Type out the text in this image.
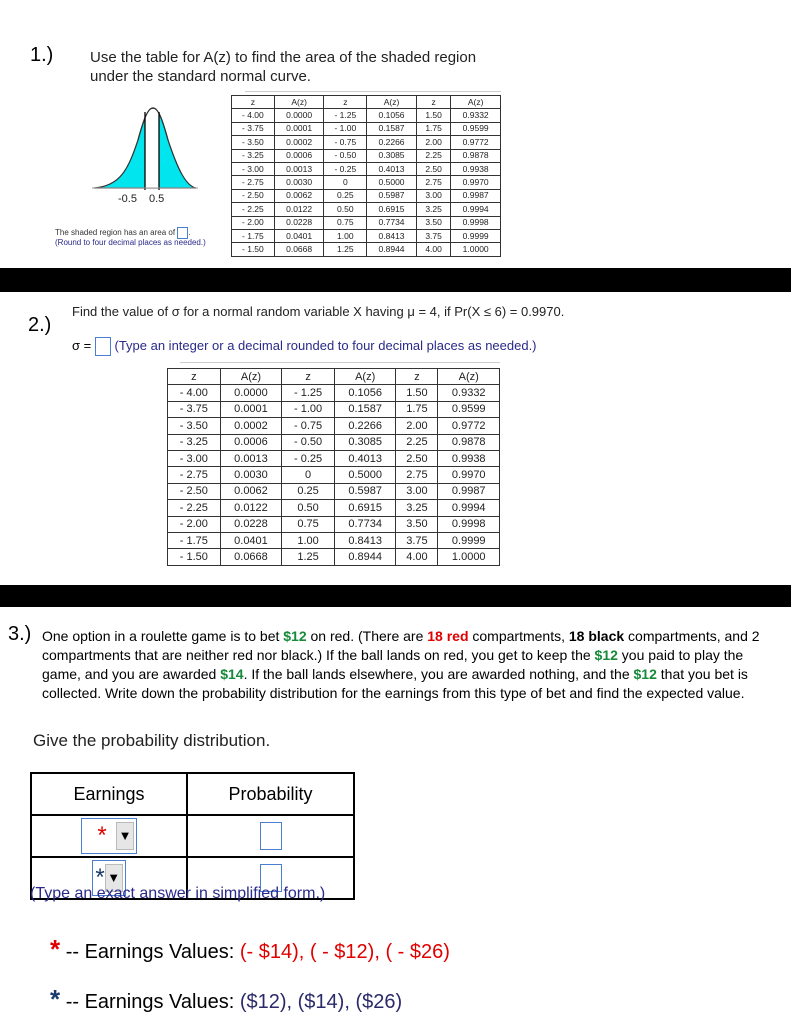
1.) Use the table for A(z) to find the area of the shaded region under the standard normal curve.
-0.5 0.5
The shaded region has an area of .
(Round to four decimal places as needed.)
z	A(z)	z	A(z)	z	A(z)
- 4.00	0.0000	- 1.25	0.1056	1.50	0.9332
- 3.75	0.0001	- 1.00	0.1587	1.75	0.9599
- 3.50	0.0002	- 0.75	0.2266	2.00	0.9772
- 3.25	0.0006	- 0.50	0.3085	2.25	0.9878
- 3.00	0.0013	- 0.25	0.4013	2.50	0.9938
- 2.75	0.0030	0	0.5000	2.75	0.9970
- 2.50	0.0062	0.25	0.5987	3.00	0.9987
- 2.25	0.0122	0.50	0.6915	3.25	0.9994
- 2.00	0.0228	0.75	0.7734	3.50	0.9998
- 1.75	0.0401	1.00	0.8413	3.75	0.9999
- 1.50	0.0668	1.25	0.8944	4.00	1.0000
2.)
Find the value of σ for a normal random variable X having μ = 4, if Pr(X ≤ 6) = 0.9970.
σ = (Type an integer or a decimal rounded to four decimal places as needed.)
z	A(z)	z	A(z)	z	A(z)
- 4.00	0.0000	- 1.25	0.1056	1.50	0.9332
- 3.75	0.0001	- 1.00	0.1587	1.75	0.9599
- 3.50	0.0002	- 0.75	0.2266	2.00	0.9772
- 3.25	0.0006	- 0.50	0.3085	2.25	0.9878
- 3.00	0.0013	- 0.25	0.4013	2.50	0.9938
- 2.75	0.0030	0	0.5000	2.75	0.9970
- 2.50	0.0062	0.25	0.5987	3.00	0.9987
- 2.25	0.0122	0.50	0.6915	3.25	0.9994
- 2.00	0.0228	0.75	0.7734	3.50	0.9998
- 1.75	0.0401	1.00	0.8413	3.75	0.9999
- 1.50	0.0668	1.25	0.8944	4.00	1.0000
3.) One option in a roulette game is to bet $12 on red. (There are 18 red compartments, 18 black compartments, and 2 compartments that are neither red nor black.) If the ball lands on red, you get to keep the $12 you paid to play the game, and you are awarded $14. If the ball lands elsewhere, you are awarded nothing, and the $12 that you bet is collected. Write down the probability distribution for the earnings from this type of bet and find the expected value.
Give the probability distribution.
Earnings	Probability

* ▼	

* ▼	

(Type an exact answer in simplified form.)
* -- Earnings Values: (- $14), ( - $12), ( - $26)
* -- Earnings Values: ($12), ($14), ($26)
